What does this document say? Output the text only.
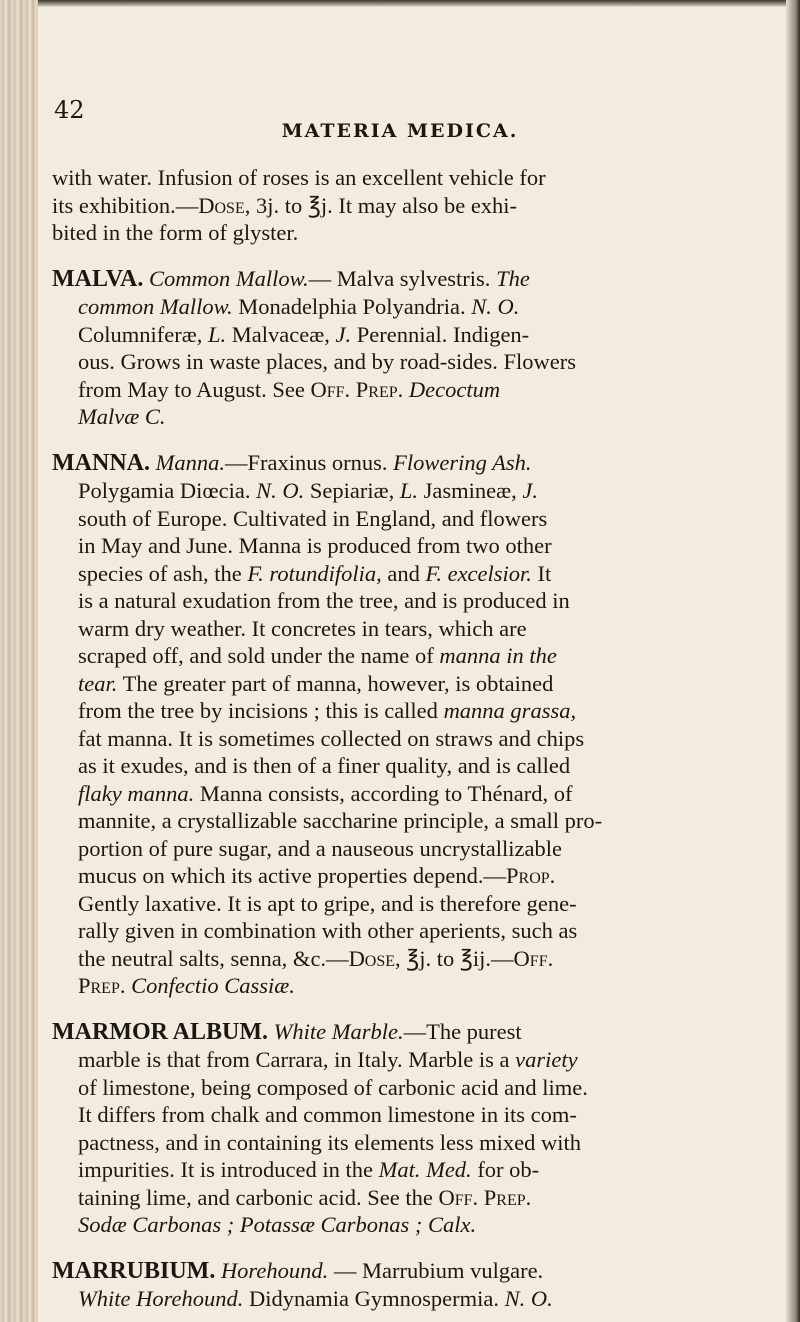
42
MATERIA MEDICA.

with water. Infusion of roses is an excellent vehicle for

its exhibition.—Dose, 3j. to ℥j. It may also be exhi-

bited in the form of glyster.

MALVA. Common Mallow.— Malva sylvestris. The

common Mallow. Monadelphia Polyandria. N. O.

Columniferæ, L. Malvaceæ, J. Perennial. Indigen-

ous. Grows in waste places, and by road-sides. Flowers

from May to August. See Off. Prep. Decoctum

Malvæ C.

MANNA. Manna.—Fraxinus ornus. Flowering Ash.

Polygamia Diœcia. N. O. Sepiariæ, L. Jasmineæ, J.

south of Europe. Cultivated in England, and flowers

in May and June. Manna is produced from two other

species of ash, the F. rotundifolia, and F. excelsior. It

is a natural exudation from the tree, and is produced in

warm dry weather. It concretes in tears, which are

scraped off, and sold under the name of manna in the

tear. The greater part of manna, however, is obtained

from the tree by incisions ; this is called manna grassa,

fat manna. It is sometimes collected on straws and chips

as it exudes, and is then of a finer quality, and is called

flaky manna. Manna consists, according to Thénard, of

mannite, a crystallizable saccharine principle, a small pro-

portion of pure sugar, and a nauseous uncrystallizable

mucus on which its active properties depend.—Prop.

Gently laxative. It is apt to gripe, and is therefore gene-

rally given in combination with other aperients, such as

the neutral salts, senna, &c.—Dose, ℥j. to ℥ij.—Off.

Prep. Confectio Cassiæ.

MARMOR ALBUM. White Marble.—The purest

marble is that from Carrara, in Italy. Marble is a variety

of limestone, being composed of carbonic acid and lime.

It differs from chalk and common limestone in its com-

pactness, and in containing its elements less mixed with

impurities. It is introduced in the Mat. Med. for ob-

taining lime, and carbonic acid. See the Off. Prep.

Sodæ Carbonas ; Potassæ Carbonas ; Calx.

MARRUBIUM. Horehound. — Marrubium vulgare.

White Horehound. Didynamia Gymnospermia. N. O.
